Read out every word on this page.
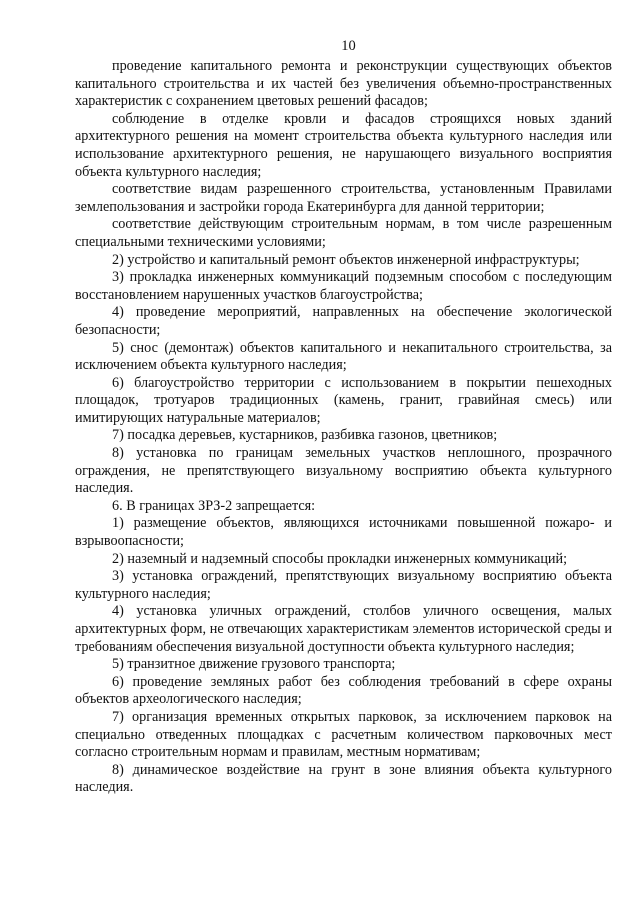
10

проведение капитального ремонта и реконструкции существующих объектов капитального строительства и их частей без увеличения объемно-пространственных характеристик с сохранением цветовых решений фасадов;

соблюдение в отделке кровли и фасадов строящихся новых зданий архитектурного решения на момент строительства объекта культурного наследия или использование архитектурного решения, не нарушающего визуального восприятия объекта культурного наследия;

соответствие видам разрешенного строительства, установленным Правилами землепользования и застройки города Екатеринбурга для данной территории;

соответствие действующим строительным нормам, в том числе разрешенным специальными техническими условиями;

2) устройство и капитальный ремонт объектов инженерной инфраструктуры;

3) прокладка инженерных коммуникаций подземным способом с последующим восстановлением нарушенных участков благоустройства;

4) проведение мероприятий, направленных на обеспечение экологической безопасности;

5) снос (демонтаж) объектов капитального и некапитального строительства, за исключением объекта культурного наследия;

6) благоустройство территории с использованием в покрытии пешеходных площадок, тротуаров традиционных (камень, гранит, гравийная смесь) или имитирующих натуральные материалов;

7) посадка деревьев, кустарников, разбивка газонов, цветников;

8) установка по границам земельных участков неплошного, прозрачного ограждения, не препятствующего визуальному восприятию объекта культурного наследия.

6. В границах ЗРЗ-2 запрещается:

1) размещение объектов, являющихся источниками повышенной пожаро- и взрывоопасности;

2) наземный и надземный способы прокладки инженерных коммуникаций;

3) установка ограждений, препятствующих визуальному восприятию объекта культурного наследия;

4) установка уличных ограждений, столбов уличного освещения, малых архитектурных форм, не отвечающих характеристикам элементов исторической среды и требованиям обеспечения визуальной доступности объекта культурного наследия;

5) транзитное движение грузового транспорта;

6) проведение земляных работ без соблюдения требований в сфере охраны объектов археологического наследия;

7) организация временных открытых парковок, за исключением парковок на специально отведенных площадках с расчетным количеством парковочных мест согласно строительным нормам и правилам, местным нормативам;

8) динамическое воздействие на грунт в зоне влияния объекта культурного наследия.
